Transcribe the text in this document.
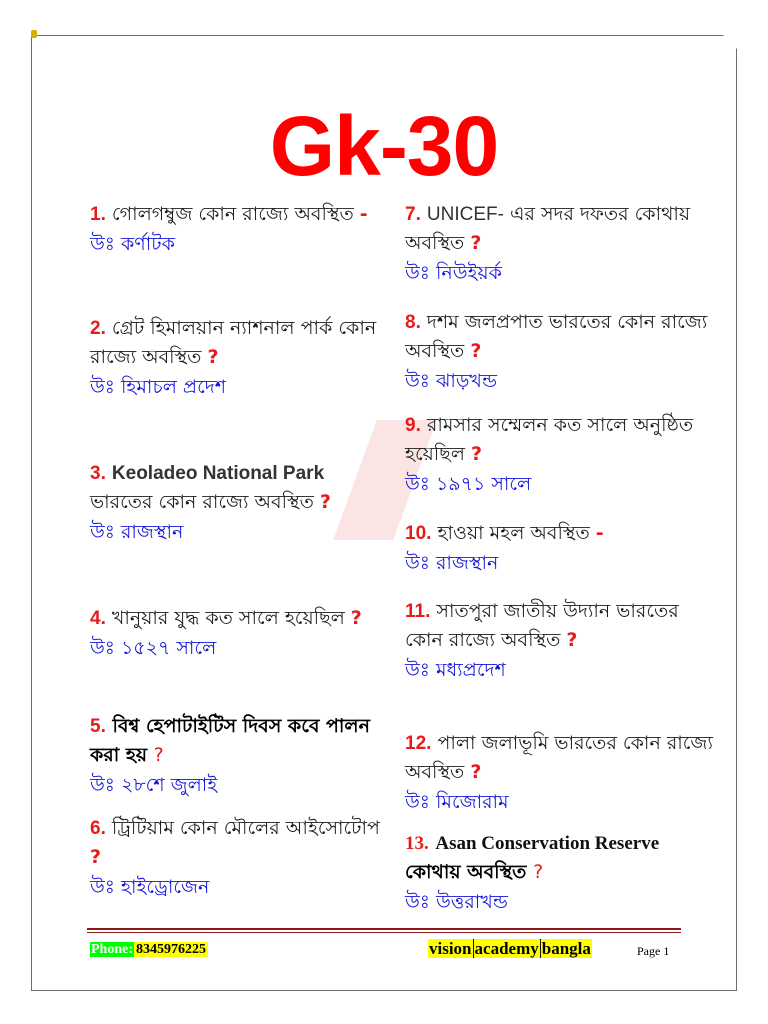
Gk-30
1. গোলগম্বুজ কোন রাজ্যে অবস্থিত -
উঃ কর্ণাটক
2. গ্রেট হিমালয়ান ন্যাশনাল পার্ক কোন রাজ্যে অবস্থিত ?
উঃ হিমাচল প্রদেশ
3. Keoladeo National Park ভারতের কোন রাজ্যে অবস্থিত ?
উঃ রাজস্থান
4. খানুয়ার যুদ্ধ কত সালে হয়েছিল ?
উঃ ১৫২৭ সালে
5. বিশ্ব হেপাটাইটিস দিবস কবে পালন করা হয় ?
উঃ ২৮শে জুলাই
6. ট্রিটিয়াম কোন মৌলের আইসোটোপ ?
উঃ হাইড্রোজেন
7. UNICEF- এর সদর দফতর কোথায় অবস্থিত ?
উঃ নিউইয়র্ক
8. দশম জলপ্রপাত ভারতের কোন রাজ্যে অবস্থিত ?
উঃ ঝাড়খন্ড
9. রামসার সম্মেলন কত সালে অনুষ্ঠিত হয়েছিল ?
উঃ ১৯৭১ সালে
10. হাওয়া মহল অবস্থিত -
উঃ রাজস্থান
11. সাতপুরা জাতীয় উদ্যান ভারতের কোন রাজ্যে অবস্থিত ?
উঃ মধ্যপ্রদেশ
12. পালা জলাভূমি ভারতের কোন রাজ্যে অবস্থিত ?
উঃ মিজোরাম
13. Asan Conservation Reserve কোথায় অবস্থিত ?
উঃ উত্তরাখন্ড
Phone: 8345976225	vision academy bangla	Page 1
